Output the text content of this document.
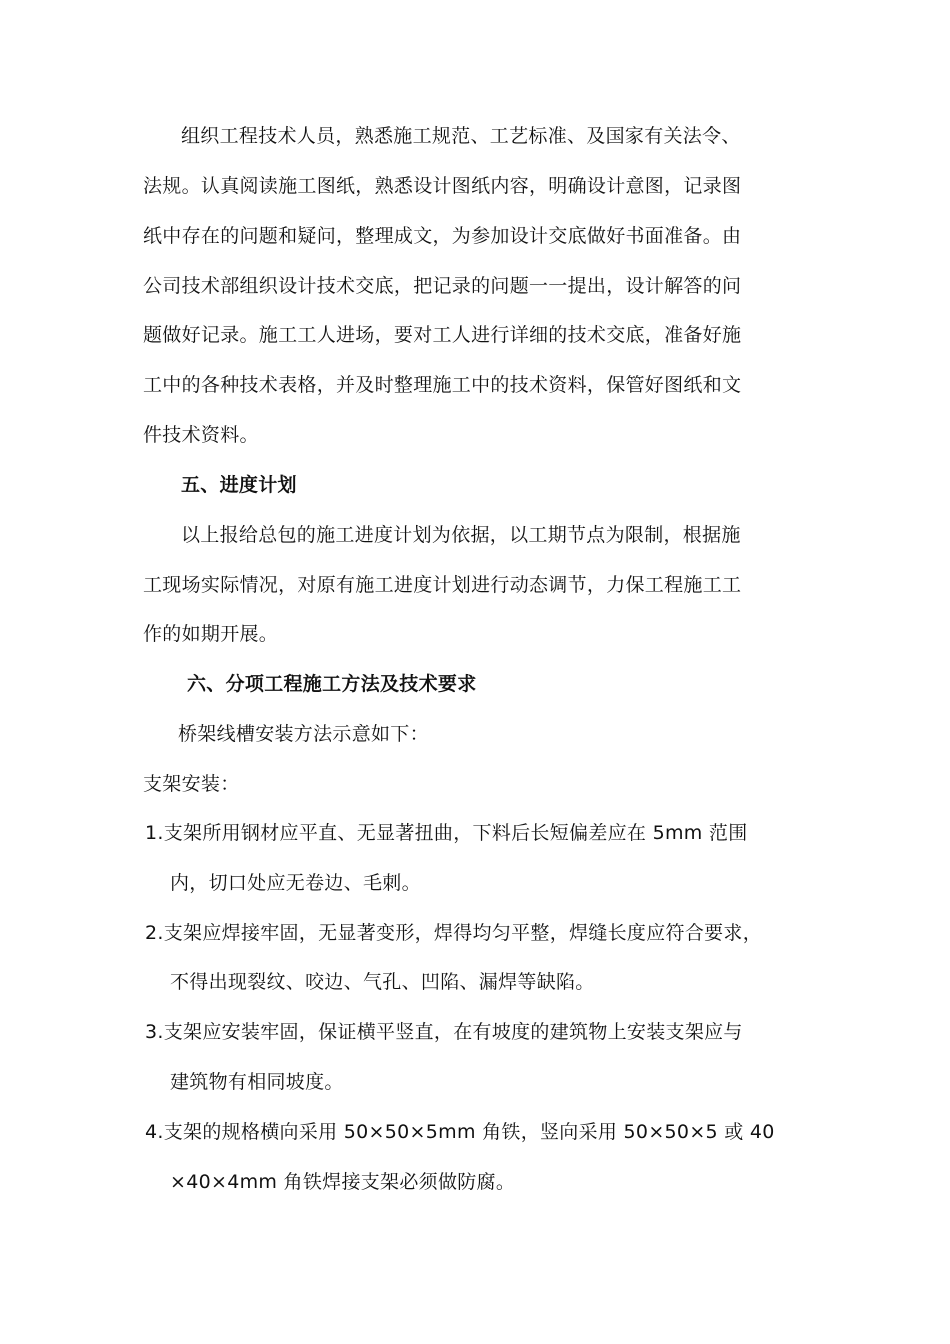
组织工程技术人员，熟悉施工规范、工艺标准、及国家有关法令、
法规。认真阅读施工图纸，熟悉设计图纸内容，明确设计意图，记录图
纸中存在的问题和疑问，整理成文，为参加设计交底做好书面准备。由
公司技术部组织设计技术交底，把记录的问题一一提出，设计解答的问
题做好记录。施工工人进场，要对工人进行详细的技术交底，准备好施
工中的各种技术表格，并及时整理施工中的技术资料，保管好图纸和文
件技术资料。
五、进度计划
以上报给总包的施工进度计划为依据，以工期节点为限制，根据施
工现场实际情况，对原有施工进度计划进行动态调节，力保工程施工工
作的如期开展。
六、分项工程施工方法及技术要求
桥架线槽安装方法示意如下：
支架安装：
1.支架所用钢材应平直、无显著扭曲，下料后长短偏差应在 5mm 范围
内，切口处应无卷边、毛刺。
2.支架应焊接牢固，无显著变形，焊得均匀平整，焊缝长度应符合要求，
不得出现裂纹、咬边、气孔、凹陷、漏焊等缺陷。
3.支架应安装牢固，保证横平竖直，在有坡度的建筑物上安装支架应与
建筑物有相同坡度。
4.支架的规格横向采用 50×50×5mm 角铁，竖向采用 50×50×5 或 40
×40×4mm 角铁焊接支架必须做防腐。
